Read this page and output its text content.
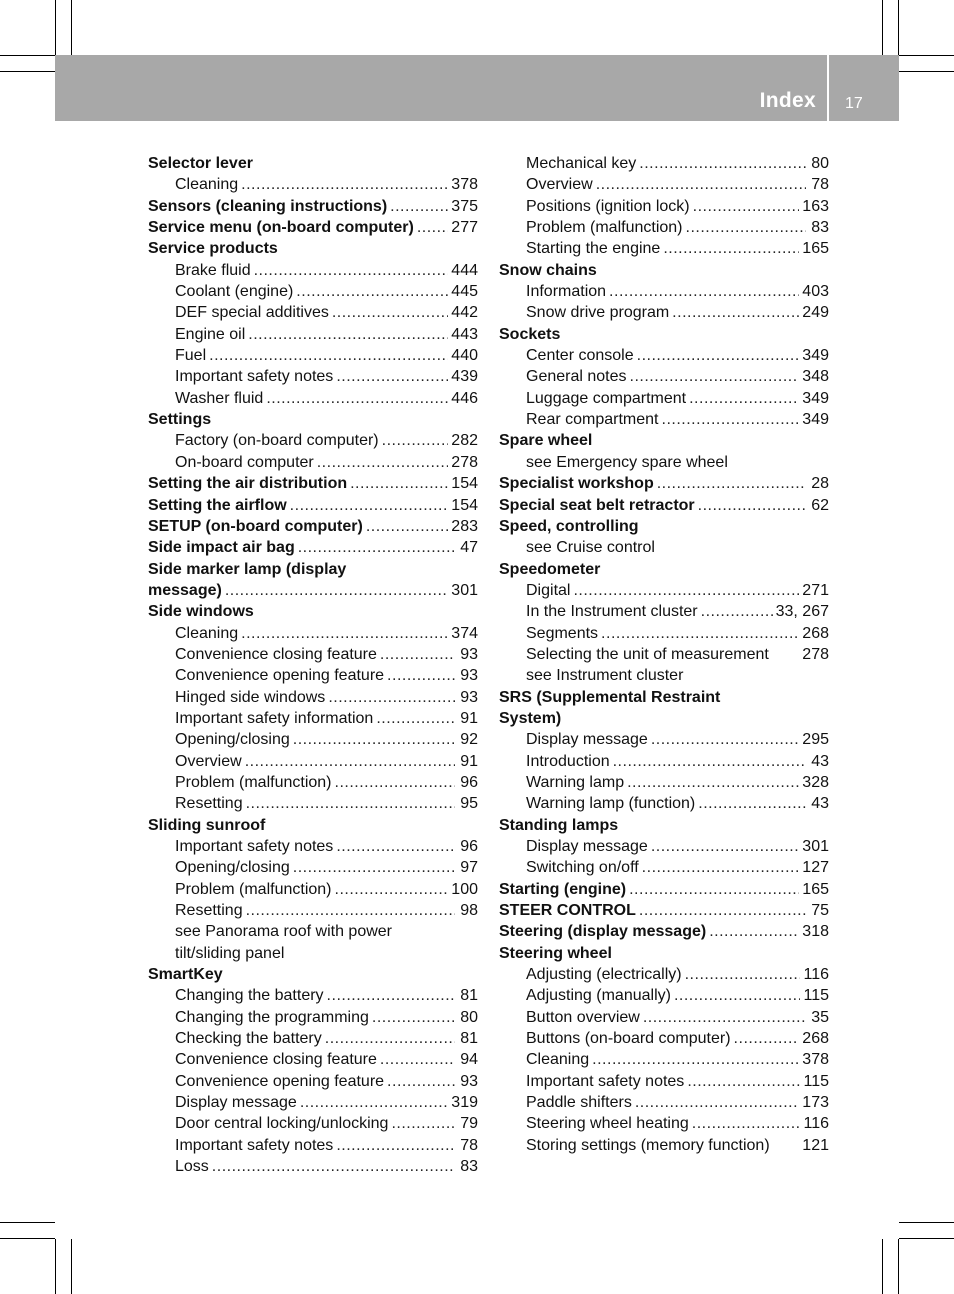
Index 17
Selector lever
Cleaning .....	378
Sensors (cleaning instructions) .....	375
Service menu (on-board computer) ..... 277
Service products
Brake fluid .....	444
Coolant (engine) .....	445
DEF special additives .....	442
Engine oil .....	443
Fuel .....	440
Important safety notes .....	439
Washer fluid .....	446
Settings
Factory (on-board computer) .....	282
On-board computer .....	278
Setting the air distribution .....	154
Setting the airflow .....	154
SETUP (on-board computer) .....	283
Side impact air bag .....	47
Side marker lamp (display
message) .....	301
Side windows
Cleaning .....	374
Convenience closing feature .....	93
Convenience opening feature .....	93
Hinged side windows .....	93
Important safety information .....	91
Opening/closing .....	92
Overview .....	91
Problem (malfunction) .....	96
Resetting .....	95
Sliding sunroof
Important safety notes .....	96
Opening/closing .....	97
Problem (malfunction) .....	100
Resetting .....	98
see Panorama roof with power
tilt/sliding panel
SmartKey
Changing the battery .....	81
Changing the programming .....	80
Checking the battery .....	81
Convenience closing feature .....	94
Convenience opening feature .....	93
Display message .....	319
Door central locking/unlocking .....	79
Important safety notes .....	78
Loss .....	83
Mechanical key .....	80
Overview .....	78
Positions (ignition lock) .....	163
Problem (malfunction) .....	83
Starting the engine .....	165
Snow chains
Information .....	403
Snow drive program .....	249
Sockets
Center console .....	349
General notes .....	348
Luggage compartment .....	349
Rear compartment .....	349
Spare wheel
see Emergency spare wheel
Specialist workshop .....	28
Special seat belt retractor .....	62
Speed, controlling
see Cruise control
Speedometer
Digital .....	271
In the Instrument cluster .....	33, 267
Segments .....	268
Selecting the unit of measurement 278
see Instrument cluster
SRS (Supplemental Restraint
System)
Display message .....	295
Introduction .....	43
Warning lamp .....	328
Warning lamp (function) .....	43
Standing lamps
Display message .....	301
Switching on/off .....	127
Starting (engine) .....	165
STEER CONTROL .....	75
Steering (display message) .....	318
Steering wheel
Adjusting (electrically) .....	116
Adjusting (manually) .....	115
Button overview .....	35
Buttons (on-board computer) .....	268
Cleaning .....	378
Important safety notes .....	115
Paddle shifters .....	173
Steering wheel heating .....	116
Storing settings (memory function) 121
